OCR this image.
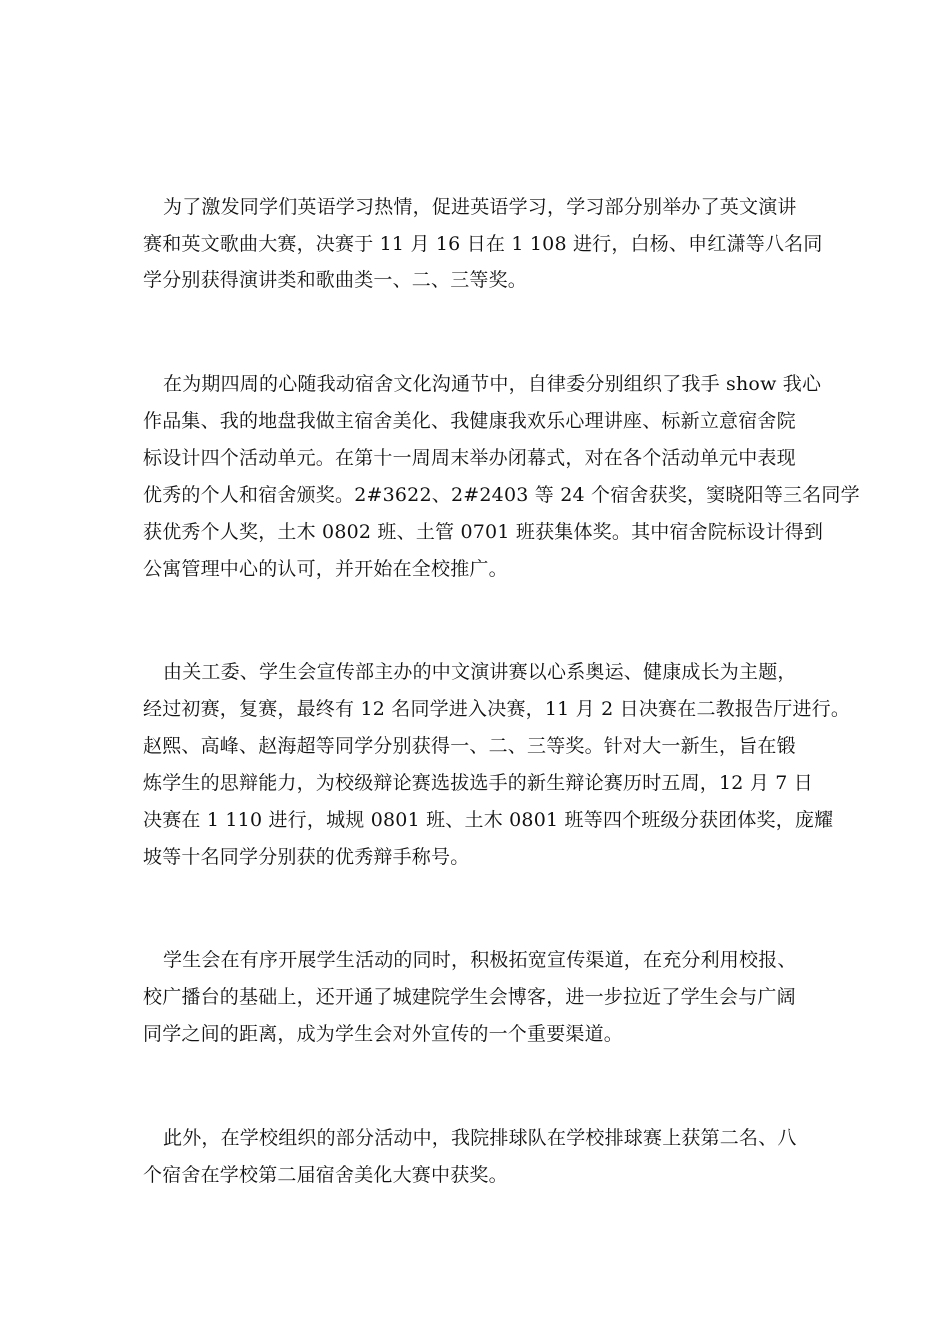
为了激发同学们英语学习热情，促进英语学习，学习部分别举办了英文演讲
赛和英文歌曲大赛，决赛于 11 月 16 日在 1 108 进行，白杨、申红潇等八名同
学分别获得演讲类和歌曲类一、二、三等奖。
在为期四周的心随我动宿舍文化沟通节中，自律委分别组织了我手 show 我心
作品集、我的地盘我做主宿舍美化、我健康我欢乐心理讲座、标新立意宿舍院
标设计四个活动单元。在第十一周周末举办闭幕式，对在各个活动单元中表现
优秀的个人和宿舍颁奖。2#3622、2#2403 等 24 个宿舍获奖，窦晓阳等三名同学
获优秀个人奖，土木 0802 班、土管 0701 班获集体奖。其中宿舍院标设计得到
公寓管理中心的认可，并开始在全校推广。
由关工委、学生会宣传部主办的中文演讲赛以心系奥运、健康成长为主题，
经过初赛，复赛，最终有 12 名同学进入决赛，11 月 2 日决赛在二教报告厅进行。
赵熙、高峰、赵海超等同学分别获得一、二、三等奖。针对大一新生，旨在锻
炼学生的思辩能力，为校级辩论赛选拔选手的新生辩论赛历时五周，12 月 7 日
决赛在 1 110 进行，城规 0801 班、土木 0801 班等四个班级分获团体奖，庞耀
坡等十名同学分别获的优秀辩手称号。
学生会在有序开展学生活动的同时，积极拓宽宣传渠道，在充分利用校报、
校广播台的基础上，还开通了城建院学生会博客，进一步拉近了学生会与广阔
同学之间的距离，成为学生会对外宣传的一个重要渠道。
此外，在学校组织的部分活动中，我院排球队在学校排球赛上获第二名、八
个宿舍在学校第二届宿舍美化大赛中获奖。
